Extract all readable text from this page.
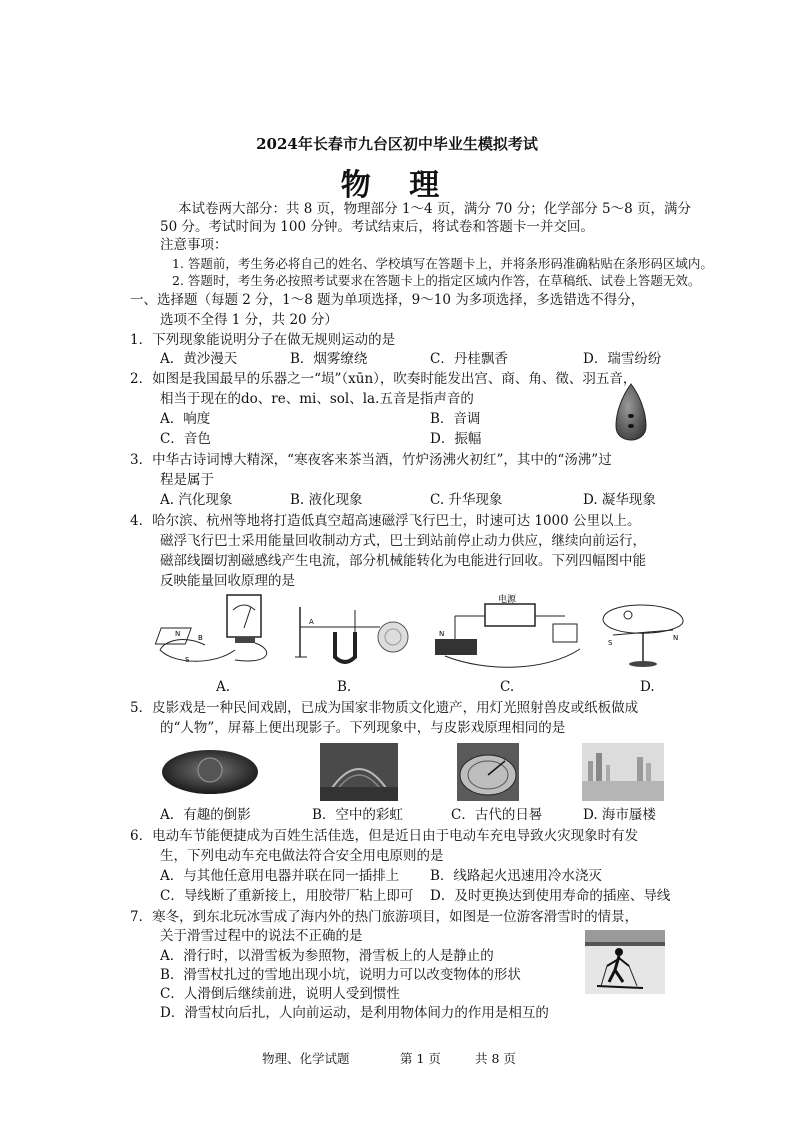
2024年长春市九台区初中毕业生模拟考试
物 理
本试卷两大部分：共 8 页，物理部分 1～4 页，满分 70 分；化学部分 5～8 页，满分
50 分。考试时间为 100 分钟。考试结束后，将试卷和答题卡一并交回。
注意事项：
1. 答题前，考生务必将自己的姓名、学校填写在答题卡上，并将条形码准确粘贴在条形码区域内。
2. 答题时，考生务必按照考试要求在答题卡上的指定区域内作答，在草稿纸、试卷上答题无效。
一、选择题（每题 2 分，1～8 题为单项选择，9～10 为多项选择，多选错选不得分，
选项不全得 1 分，共 20 分）
1．下列现象能说明分子在做无规则运动的是
A．黄沙漫天	B．烟雾缭绕	C．丹桂飘香	D．瑞雪纷纷
2．如图是我国最早的乐器之一“埙”（xūn），吹奏时能发出宫、商、角、徵、羽五音，
相当于现在的do、re、mi、sol、la.五音是指声音的
A．响度	B．音调
C．音色	D．振幅
3．中华古诗词博大精深，“寒夜客来茶当酒，竹炉汤沸火初红”，其中的“汤沸”过
程是属于
A. 汽化现象	B. 液化现象	C. 升华现象	D. 凝华现象
4．哈尔滨、杭州等地将打造低真空超高速磁浮飞行巴士，时速可达 1000 公里以上。
磁浮飞行巴士采用能量回收制动方式，巴士到站前停止动力供应，继续向前运行，
磁部线圈切割磁感线产生电流，部分机械能转化为电能进行回收。下列四幅图中能
反映能量回收原理的是
N	B
S
A
电源
N
S
N
A.	B.	C.	D.
5．皮影戏是一种民间戏剧，已成为国家非物质文化遗产，用灯光照射兽皮或纸板做成
的“人物”，屏幕上便出现影子。下列现象中，与皮影戏原理相同的是
A．有趣的倒影	B．空中的彩虹	C．古代的日晷	D. 海市蜃楼
6．电动车节能便捷成为百姓生活佳选，但是近日由于电动车充电导致火灾现象时有发
生，下列电动车充电做法符合安全用电原则的是
A．与其他任意用电器并联在同一插排上 B．线路起火迅速用冷水浇灭
C．导线断了重新接上，用胶带厂粘上即可 D．及时更换达到使用寿命的插座、导线
7．寒冬，到东北玩冰雪成了海内外的热门旅游项目，如图是一位游客滑雪时的情景，
关于滑雪过程中的说法不正确的是
A．滑行时，以滑雪板为参照物，滑雪板上的人是静止的
B．滑雪杖扎过的雪地出现小坑，说明力可以改变物体的形状
C．人滑倒后继续前进，说明人受到惯性
D．滑雪杖向后扎，人向前运动，是利用物体间力的作用是相互的
物理、化学试题	第 1 页	共 8 页
